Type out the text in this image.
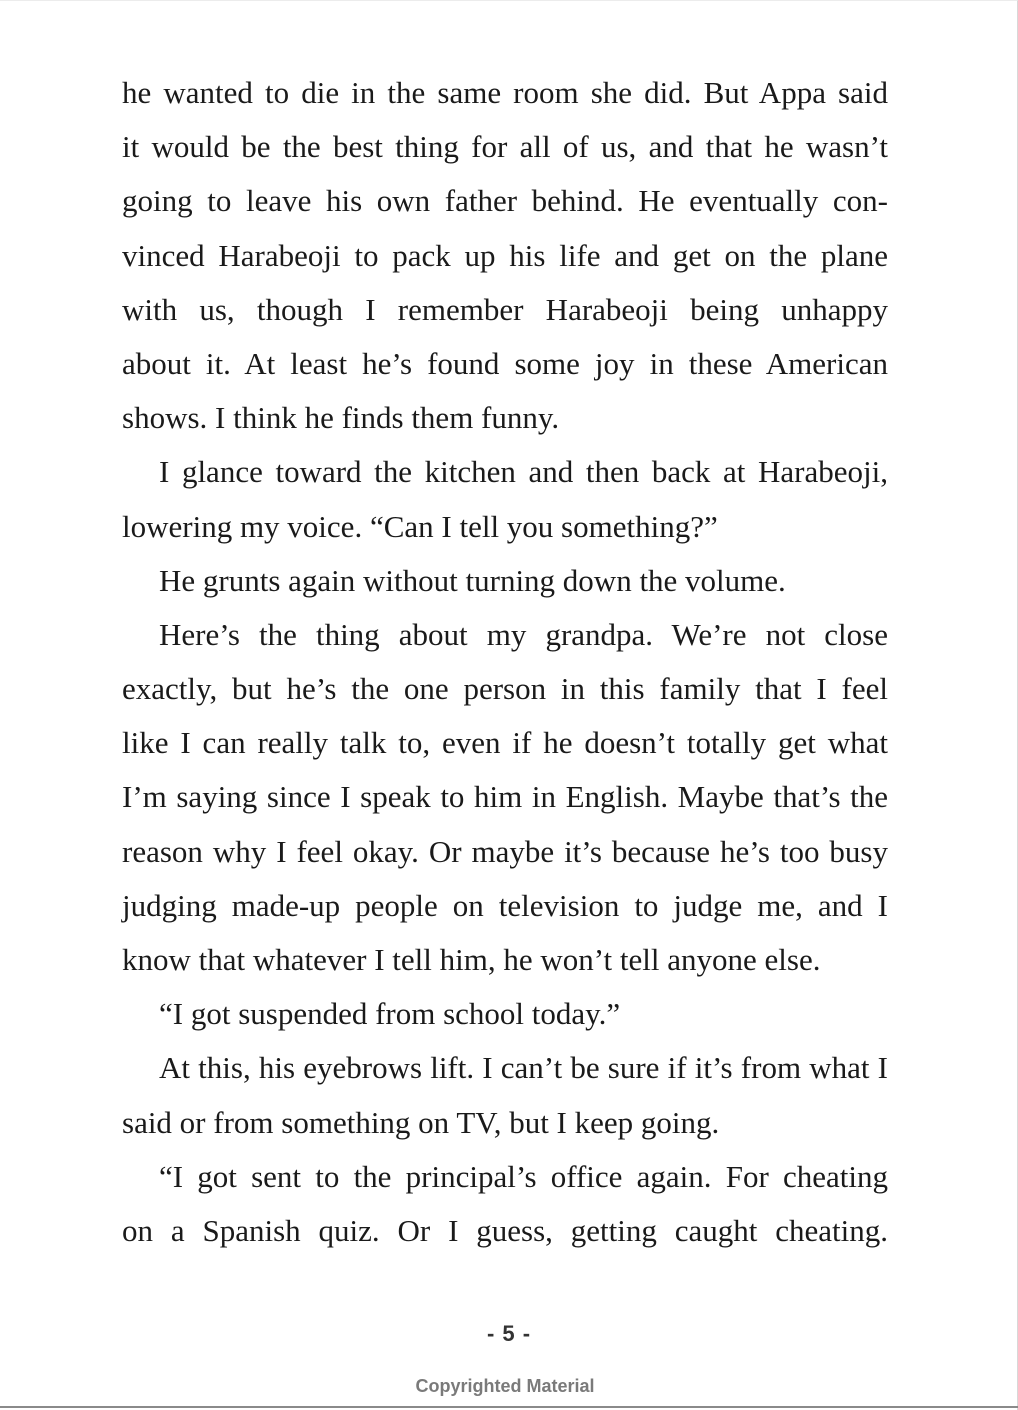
he wanted to die in the same room she did. But Appa said
it would be the best thing for all of us, and that he wasn’t
going to leave his own father behind. He eventually con-
vinced Harabeoji to pack up his life and get on the plane
with us, though I remember Harabeoji being unhappy
about it. At least he’s found some joy in these American
shows. I think he finds them funny.
I glance toward the kitchen and then back at Harabeoji,
lowering my voice. “Can I tell you something?”
He grunts again without turning down the volume.
Here’s the thing about my grandpa. We’re not close
exactly, but he’s the one person in this family that I feel
like I can really talk to, even if he doesn’t totally get what
I’m saying since I speak to him in English. Maybe that’s the
reason why I feel okay. Or maybe it’s because he’s too busy
judging made-up people on television to judge me, and I
know that whatever I tell him, he won’t tell anyone else.
“I got suspended from school today.”
At this, his eyebrows lift. I can’t be sure if it’s from what I
said or from something on TV, but I keep going.
“I got sent to the principal’s office again. For cheating
on a Spanish quiz. Or I guess, getting caught cheating.
- 5 -
Copyrighted Material
